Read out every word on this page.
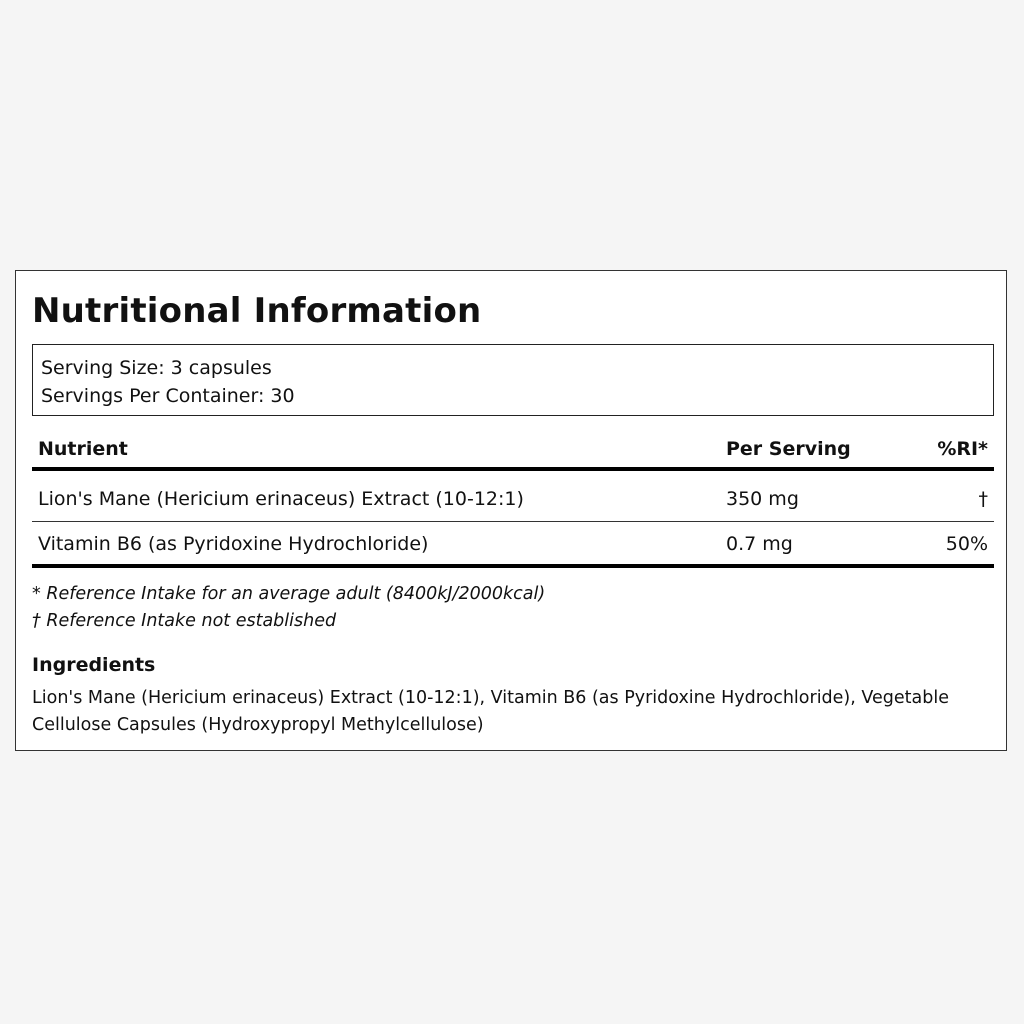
Nutritional Information
Serving Size: 3 capsules
Servings Per Container: 30
Nutrient	Per Serving	%RI*
Lion's Mane (Hericium erinaceus) Extract (10-12:1)	350 mg	†
Vitamin B6 (as Pyridoxine Hydrochloride)	0.7 mg	50%
* Reference Intake for an average adult (8400kJ/2000kcal)
† Reference Intake not established
Ingredients

Lion's Mane (Hericium erinaceus) Extract (10-12:1), Vitamin B6 (as Pyridoxine Hydrochloride), Vegetable Cellulose Capsules (Hydroxypropyl Methylcellulose)
